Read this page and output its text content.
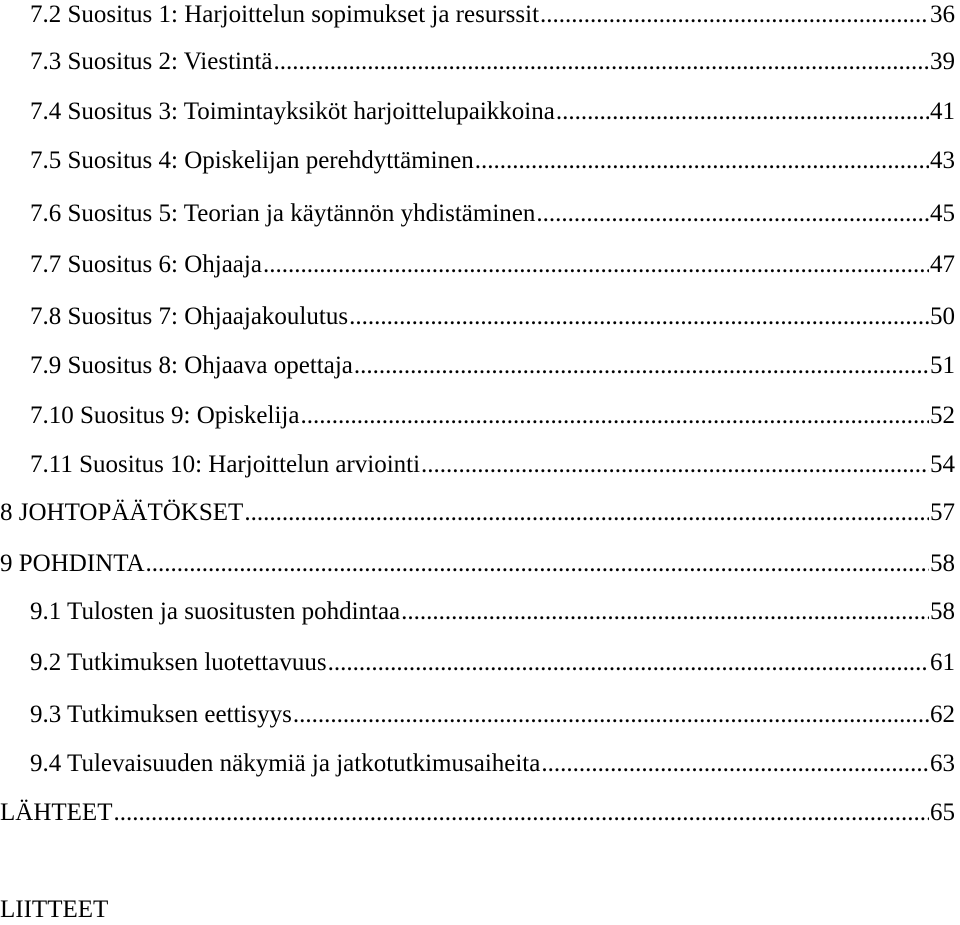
7.2 Suositus 1: Harjoittelun sopimukset ja resurssit .....	36
7.3 Suositus 2: Viestintä .....	39
7.4 Suositus 3: Toimintayksiköt harjoittelupaikkoina .....	41
7.5 Suositus 4: Opiskelijan perehdyttäminen .....	43
7.6 Suositus 5: Teorian ja käytännön yhdistäminen .....	45
7.7 Suositus 6: Ohjaaja .....	47
7.8 Suositus 7: Ohjaajakoulutus .....	50
7.9 Suositus 8: Ohjaava opettaja .....	51
7.10 Suositus 9: Opiskelija .....	52
7.11 Suositus 10: Harjoittelun arviointi .....	54
8 JOHTOPÄÄTÖKSET .....	57
9 POHDINTA .....	58
9.1 Tulosten ja suositusten pohdintaa .....	58
9.2 Tutkimuksen luotettavuus .....	61
9.3 Tutkimuksen eettisyys .....	62
9.4 Tulevaisuuden näkymiä ja jatkotutkimusaiheita .....	63
LÄHTEET .....	65
LIITTEET
